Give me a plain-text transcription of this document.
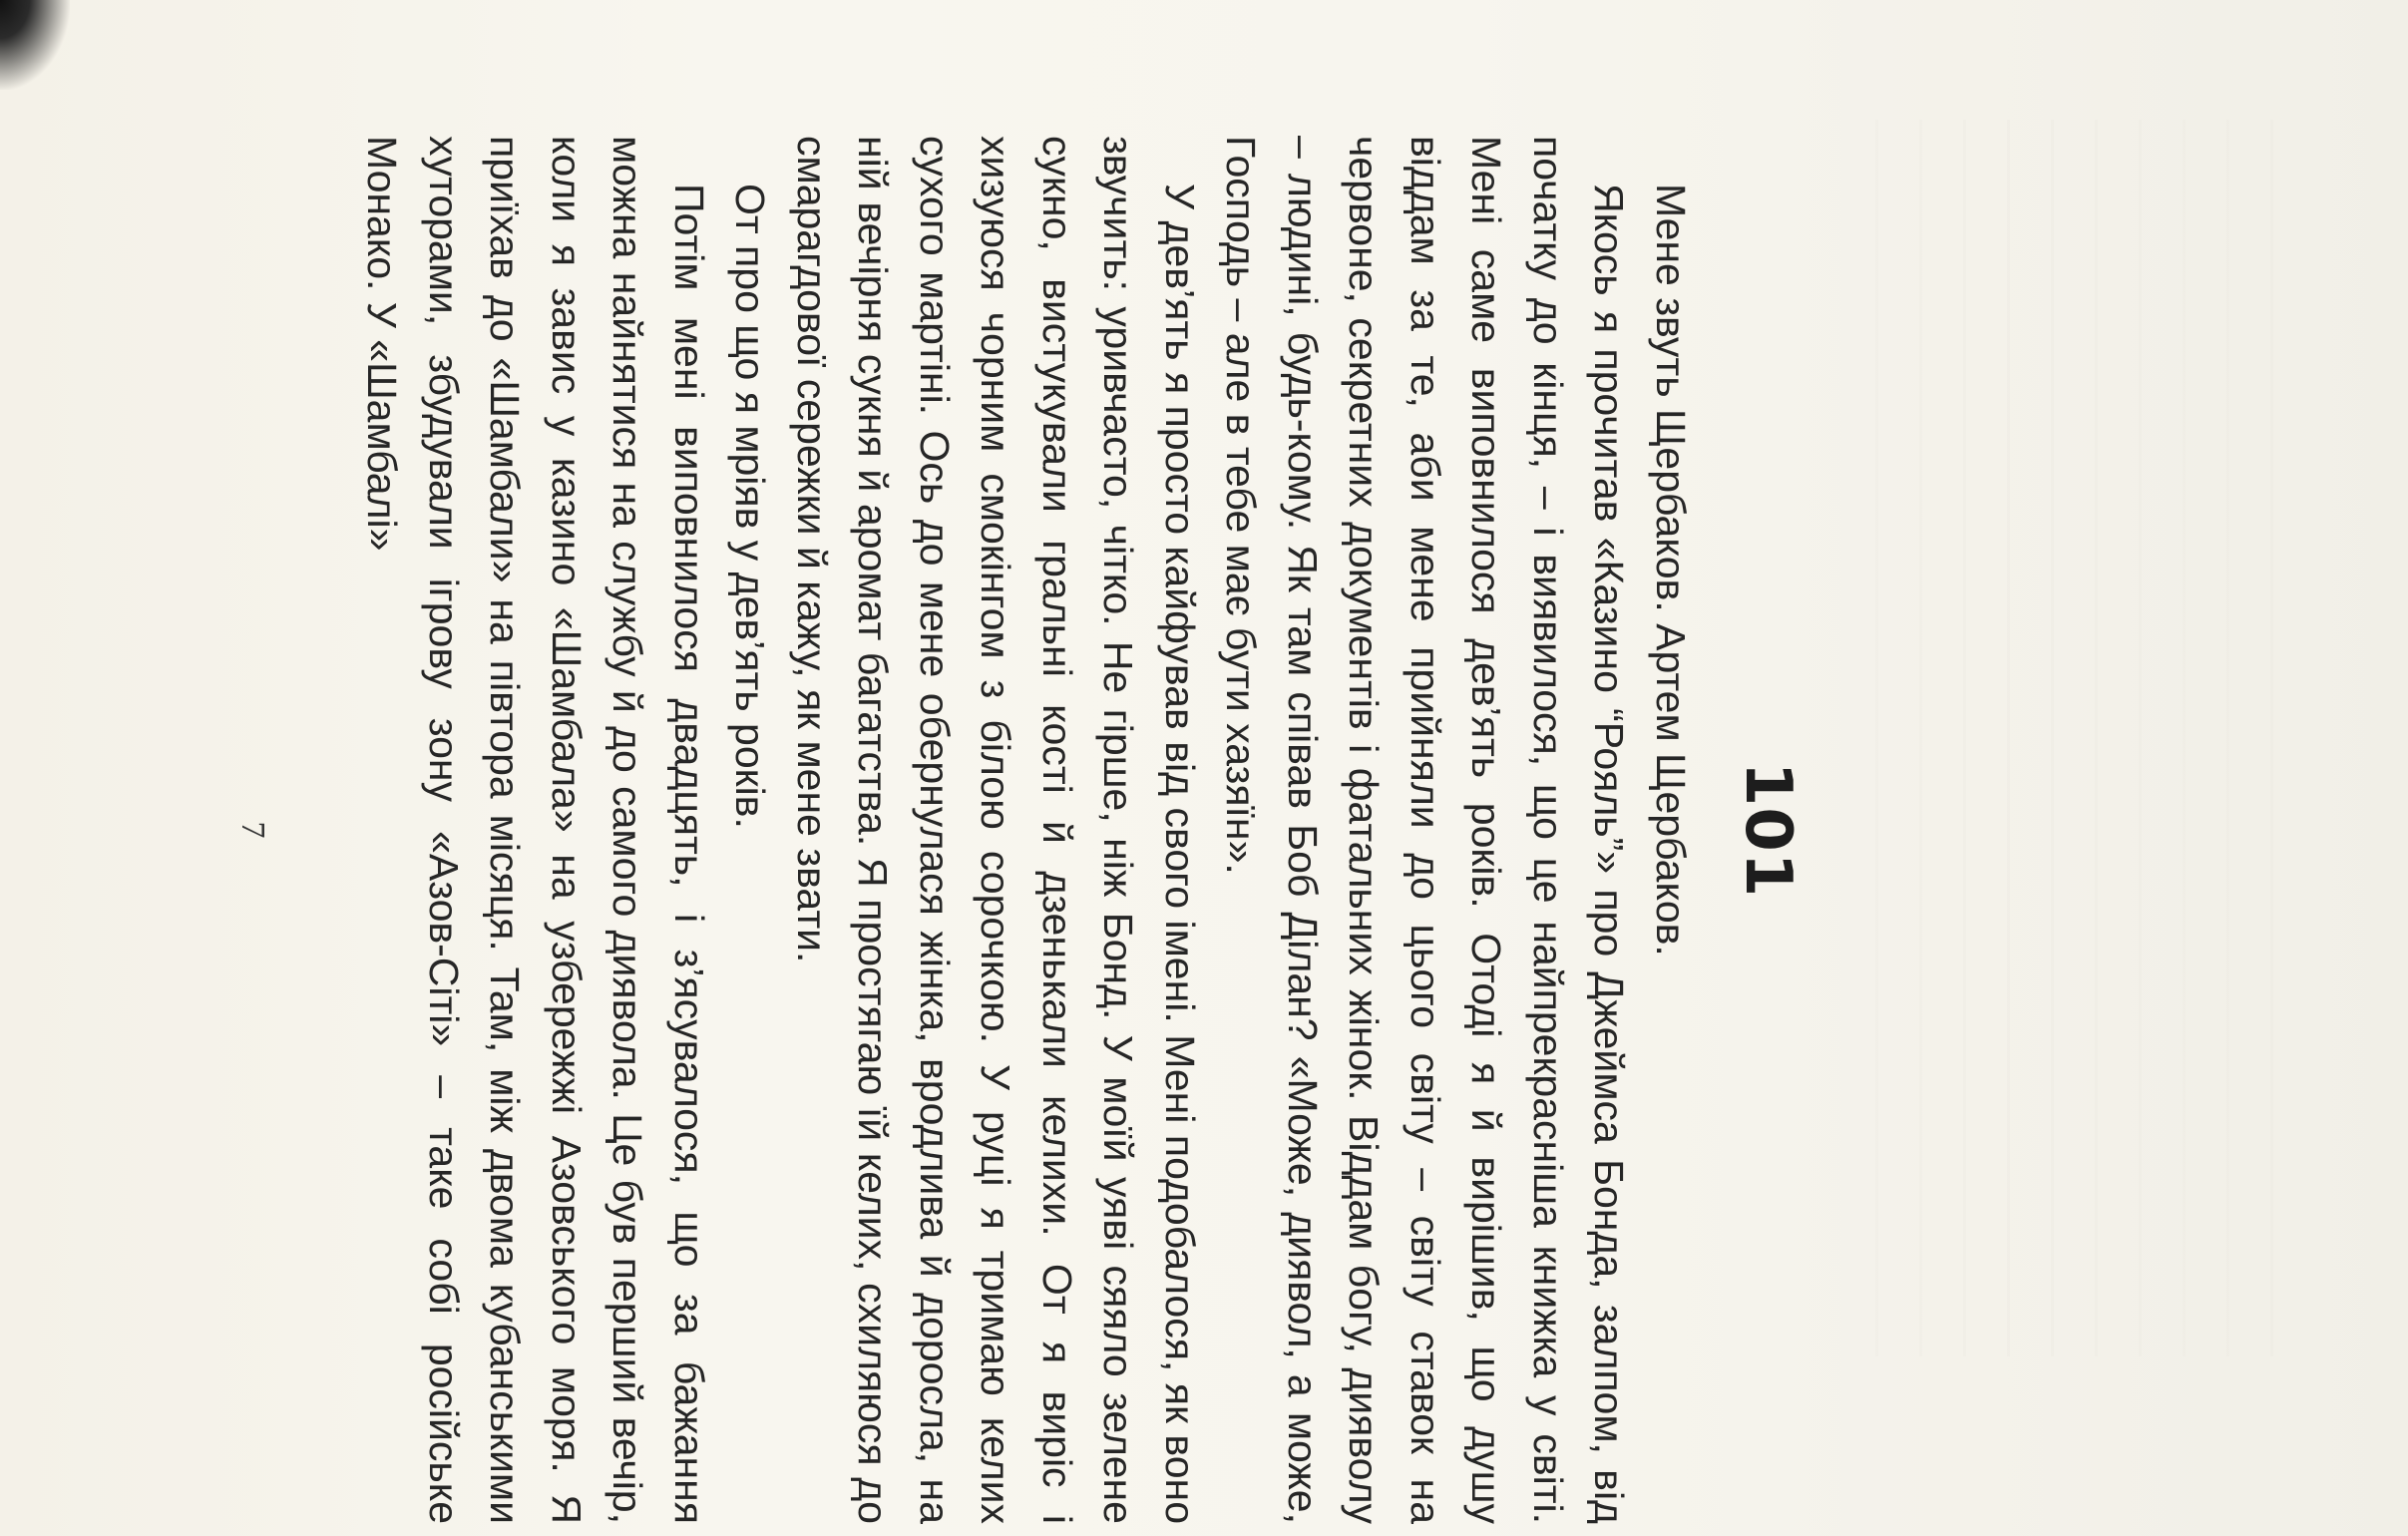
101

Мене звуть Щербаков. Артем Щербаков.

Якось я прочитав «Казино “Рояль”» про Джеймса Бонда, залпом, від початку до кінця, – і виявилося, що це найпрекрасніша книжка у світі. Мені саме виповнилося дев’ять років. Отоді я й вирішив, що душу віддам за те, аби мене прийняли до цього світу – світу ставок на червоне, секретних документів і фатальних жінок. Віддам богу, дияволу – людині, будь-кому. Як там співав Боб Ділан? «Може, диявол, а може, Господь – але в тебе має бути хазяїн».

У дев’ять я просто кайфував від свого імені. Мені подобалося, як воно звучить: уривчасто, чітко. Не гірше, ніж Бонд. У моїй уяві сяяло зелене сукно, вистукували гральні кості й дзенькали келихи. От я виріс і хизуюся чорним смокінгом з білою сорочкою. У руці я тримаю келих сухого мартіні. Ось до мене обернулася жінка, вродлива й доросла, на ній вечірня сукня й аромат багатства. Я простягаю їй келих, схиляюся до смарагдової сережки й кажу, як мене звати.

От про що я мріяв у дев’ять років.

Потім мені виповнилося двадцять, і з’ясувалося, що за бажання можна найнятися на службу й до самого диявола. Це був перший вечір, коли я завис у казино «Шамбала» на узбережжі Азовського моря. Я приїхав до «Шамбали» на півтора місяця. Там, між двома кубанськими хуторами, збудували ігрову зону «Азов-Сіті» – таке собі російське Монако. У «Шамбалі»

7
